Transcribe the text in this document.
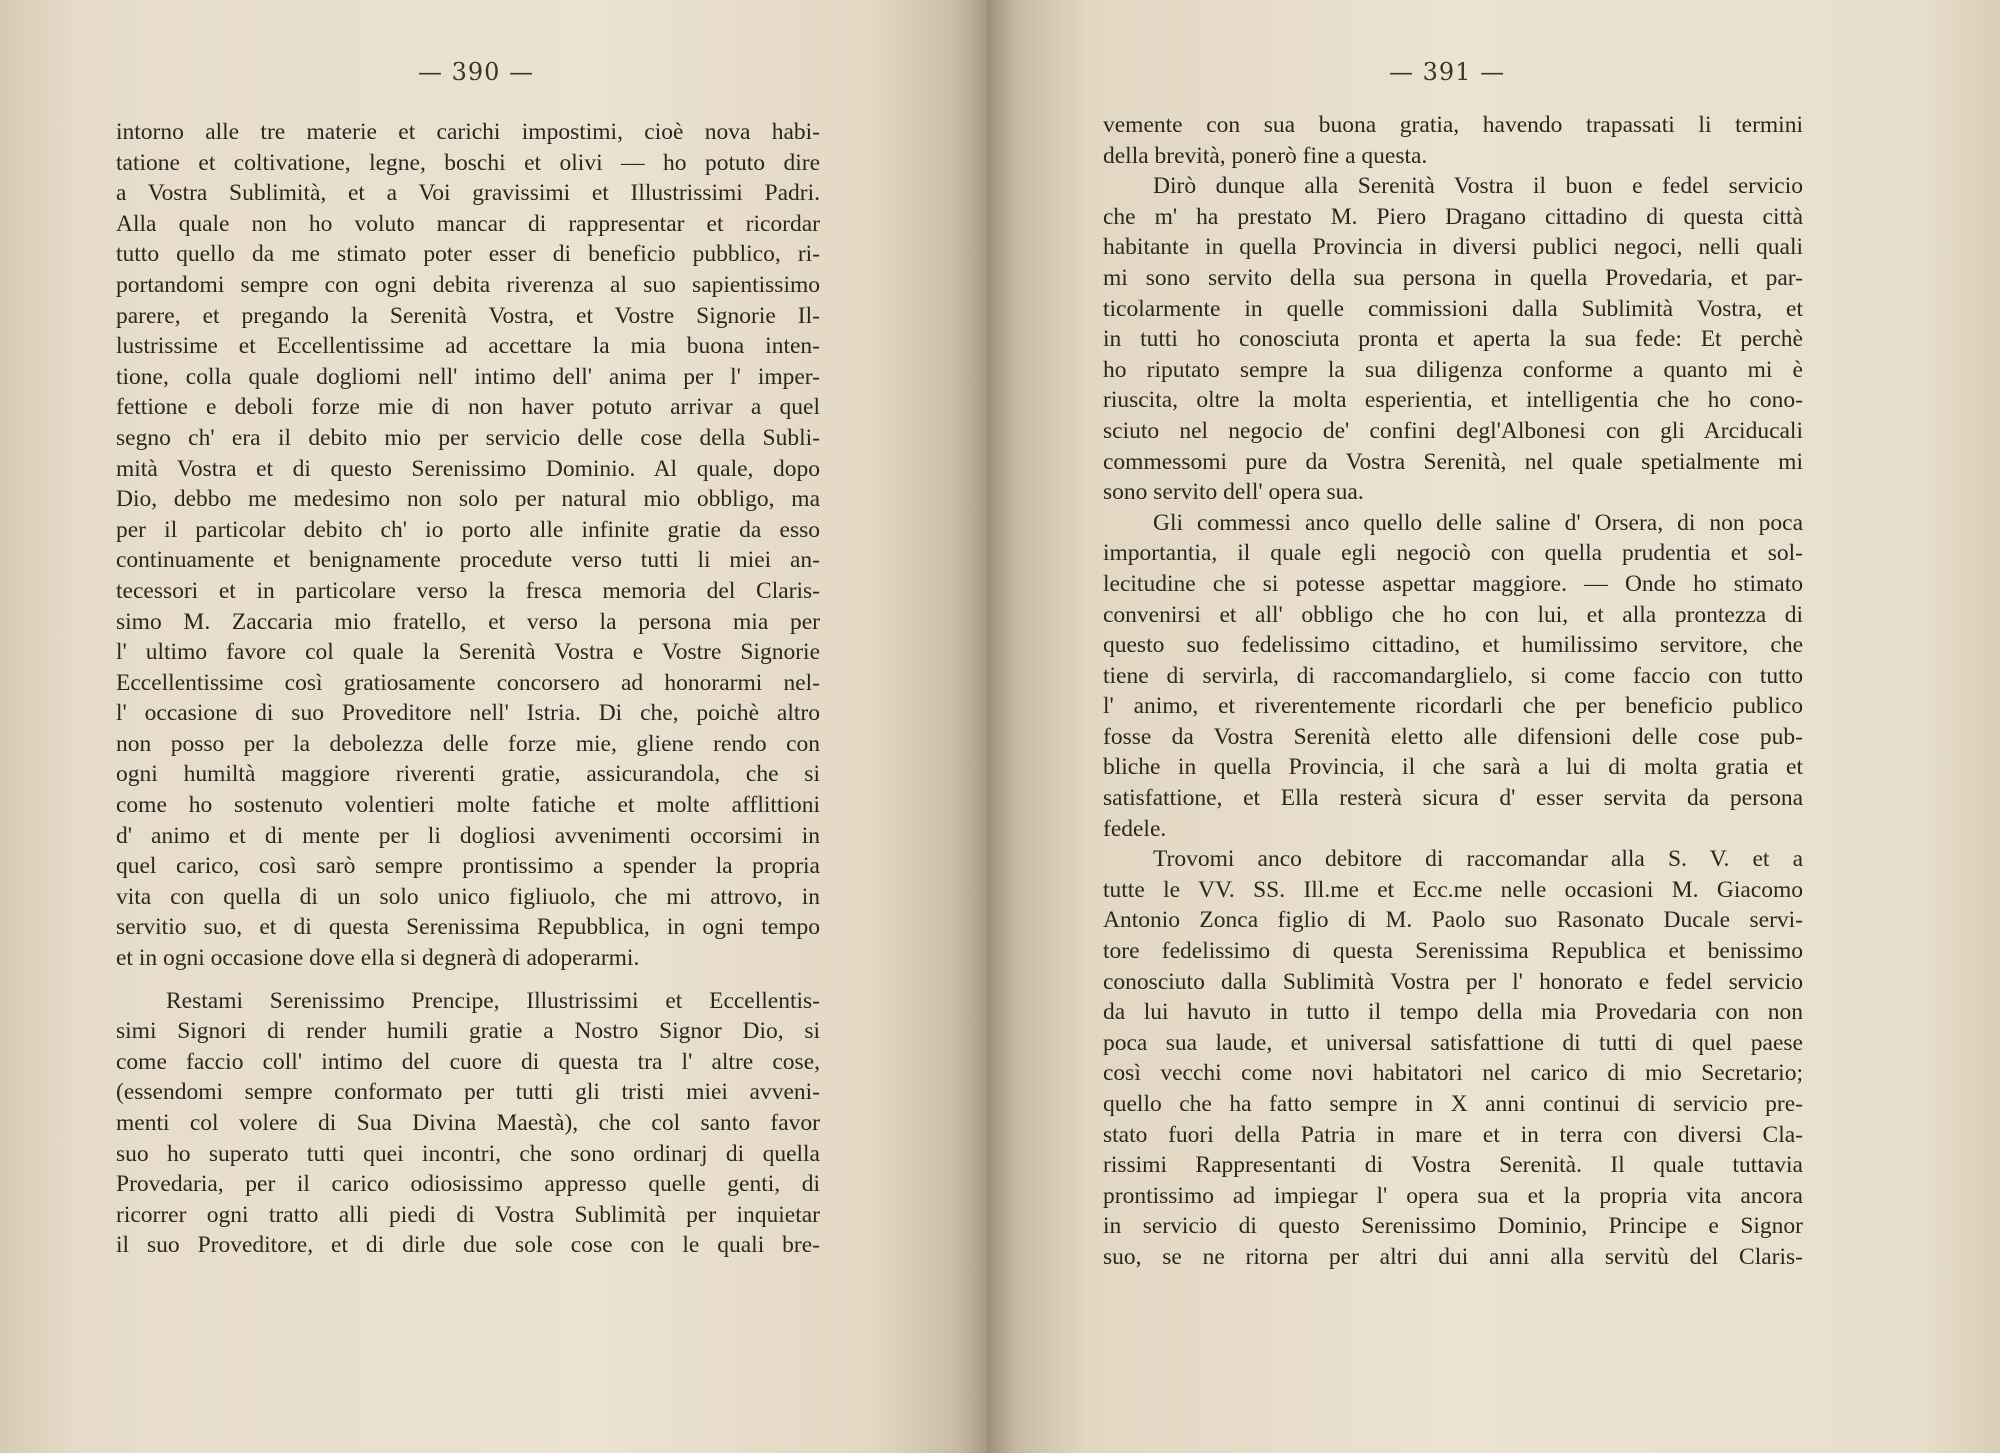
— 390 —
intorno alle tre materie et carichi impostimi, cioè nova habi-
tatione et coltivatione, legne, boschi et olivi — ho potuto dire
a Vostra Sublimità, et a Voi gravissimi et Illustrissimi Padri.
Alla quale non ho voluto mancar di rappresentar et ricordar
tutto quello da me stimato poter esser di beneficio pubblico, ri-
portandomi sempre con ogni debita riverenza al suo sapientissimo
parere, et pregando la Serenità Vostra, et Vostre Signorie Il-
lustrissime et Eccellentissime ad accettare la mia buona inten-
tione, colla quale dogliomi nell' intimo dell' anima per l' imper-
fettione e deboli forze mie di non haver potuto arrivar a quel
segno ch' era il debito mio per servicio delle cose della Subli-
mità Vostra et di questo Serenissimo Dominio. Al quale, dopo
Dio, debbo me medesimo non solo per natural mio obbligo, ma
per il particolar debito ch' io porto alle infinite gratie da esso
continuamente et benignamente procedute verso tutti li miei an-
tecessori et in particolare verso la fresca memoria del Claris-
simo M. Zaccaria mio fratello, et verso la persona mia per
l' ultimo favore col quale la Serenità Vostra e Vostre Signorie
Eccellentissime così gratiosamente concorsero ad honorarmi nel-
l' occasione di suo Proveditore nell' Istria. Di che, poichè altro
non posso per la debolezza delle forze mie, gliene rendo con
ogni humiltà maggiore riverenti gratie, assicurandola, che si
come ho sostenuto volentieri molte fatiche et molte afflittioni
d' animo et di mente per li dogliosi avvenimenti occorsimi in
quel carico, così sarò sempre prontissimo a spender la propria
vita con quella di un solo unico figliuolo, che mi attrovo, in
servitio suo, et di questa Serenissima Repubblica, in ogni tempo
et in ogni occasione dove ella si degnerà di adoperarmi.
Restami Serenissimo Prencipe, Illustrissimi et Eccellentis-
simi Signori di render humili gratie a Nostro Signor Dio, si
come faccio coll' intimo del cuore di questa tra l' altre cose,
(essendomi sempre conformato per tutti gli tristi miei avveni-
menti col volere di Sua Divina Maestà), che col santo favor
suo ho superato tutti quei incontri, che sono ordinarj di quella
Provedaria, per il carico odiosissimo appresso quelle genti, di
ricorrer ogni tratto alli piedi di Vostra Sublimità per inquietar
il suo Proveditore, et di dirle due sole cose con le quali bre-
— 391 —
vemente con sua buona gratia, havendo trapassati li termini
della brevità, ponerò fine a questa.
Dirò dunque alla Serenità Vostra il buon e fedel servicio
che m' ha prestato M. Piero Dragano cittadino di questa città
habitante in quella Provincia in diversi publici negoci, nelli quali
mi sono servito della sua persona in quella Provedaria, et par-
ticolarmente in quelle commissioni dalla Sublimità Vostra, et
in tutti ho conosciuta pronta et aperta la sua fede: Et perchè
ho riputato sempre la sua diligenza conforme a quanto mi è
riuscita, oltre la molta esperientia, et intelligentia che ho cono-
sciuto nel negocio de' confini degl'Albonesi con gli Arciducali
commessomi pure da Vostra Serenità, nel quale spetialmente mi
sono servito dell' opera sua.
Gli commessi anco quello delle saline d' Orsera, di non poca
importantia, il quale egli negociò con quella prudentia et sol-
lecitudine che si potesse aspettar maggiore. — Onde ho stimato
convenirsi et all' obbligo che ho con lui, et alla prontezza di
questo suo fedelissimo cittadino, et humilissimo servitore, che
tiene di servirla, di raccomandarglielo, si come faccio con tutto
l' animo, et riverentemente ricordarli che per beneficio publico
fosse da Vostra Serenità eletto alle difensioni delle cose pub-
bliche in quella Provincia, il che sarà a lui di molta gratia et
satisfattione, et Ella resterà sicura d' esser servita da persona
fedele.
Trovomi anco debitore di raccomandar alla S. V. et a
tutte le VV. SS. Ill.me et Ecc.me nelle occasioni M. Giacomo
Antonio Zonca figlio di M. Paolo suo Rasonato Ducale servi-
tore fedelissimo di questa Serenissima Republica et benissimo
conosciuto dalla Sublimità Vostra per l' honorato e fedel servicio
da lui havuto in tutto il tempo della mia Provedaria con non
poca sua laude, et universal satisfattione di tutti di quel paese
così vecchi come novi habitatori nel carico di mio Secretario;
quello che ha fatto sempre in X anni continui di servicio pre-
stato fuori della Patria in mare et in terra con diversi Cla-
rissimi Rappresentanti di Vostra Serenità. Il quale tuttavia
prontissimo ad impiegar l' opera sua et la propria vita ancora
in servicio di questo Serenissimo Dominio, Principe e Signor
suo, se ne ritorna per altri dui anni alla servitù del Claris-
